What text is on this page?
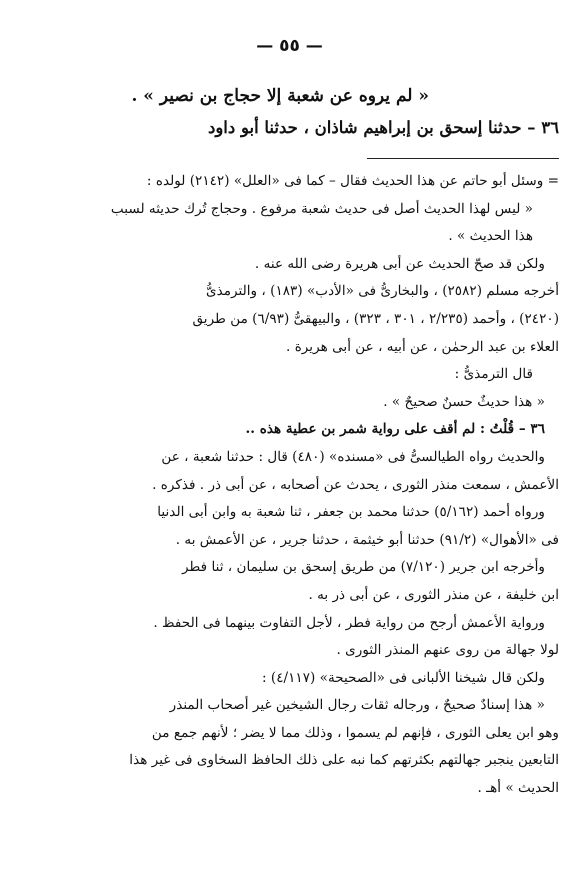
— ٥٥ —
« لم يروه عن شعبة إلا حجاج بن نصير » .
٣٦ – حدثنا إسحق بن إبراهيم شاذان ، حدثنا أبو داود
= وسئل أبو حاتم عن هذا الحديث فقال – كما فى «العلل» (٢١٤٢) لولده :
« ليس لهذا الحديث أصل فى حديث شعبة مرفوع . وحجاج تُرك حديثه لسبب
هذا الحديث » .
ولكن قد صحّ الحديث عن أبى هريرة رضى الله عنه .
أخرجه مسلم (٢٥٨٢) ، والبخارىُّ فى «الأدب» (١٨٣) ، والترمذىُّ
(٢٤٢٠) ، وأحمد (٢/٢٣٥ ، ٣٠١ ، ٣٢٣) ، والبيهقىُّ (٦/٩٣) من طريق
العلاء بن عبد الرحمٰن ، عن أبيه ، عن أبى هريرة .
قال الترمذىُّ :
« هذا حديثٌ حسنٌ صحيحٌ » .
٣٦ – قُلْتُ : لم أقف على رواية شمر بن عطية هذه ..
والحديث رواه الطيالسىُّ فى «مسنده» (٤٨٠) قال : حدثنا شعبة ، عن
الأعمش ، سمعت منذر الثورى ، يحدث عن أصحابه ، عن أبى ذر . فذكره .
ورواه أحمد (٥/١٦٢) حدثنا محمد بن جعفر ، ثنا شعبة به وابن أبى الدنيا
فى «الأهوال» (٩١/٢) حدثنا أبو خيثمة ، حدثنا جرير ، عن الأعمش به .
وأخرجه ابن جرير (٧/١٢٠) من طريق إسحق بن سليمان ، ثنا فطر
ابن خليفة ، عن منذر الثورى ، عن أبى ذر به .
ورواية الأعمش أرجح من رواية فطر ، لأجل التفاوت بينهما فى الحفظ .
لولا جهالة من روى عنهم المنذر الثورى .
ولكن قال شيخنا الألبانى فى «الصحيحة» (٤/١١٧) :
« هذا إسنادٌ صحيحٌ ، ورجاله ثقات رجال الشيخين غير أصحاب المنذر
وهو ابن يعلى الثورى ، فإنهم لم يسموا ، وذلك مما لا يضر ؛ لأنهم جمع من
التابعين ينجبر جهالتهم بكثرتهم كما نبه على ذلك الحافظ السخاوى فى غير هذا
الحديث » أهـ .
